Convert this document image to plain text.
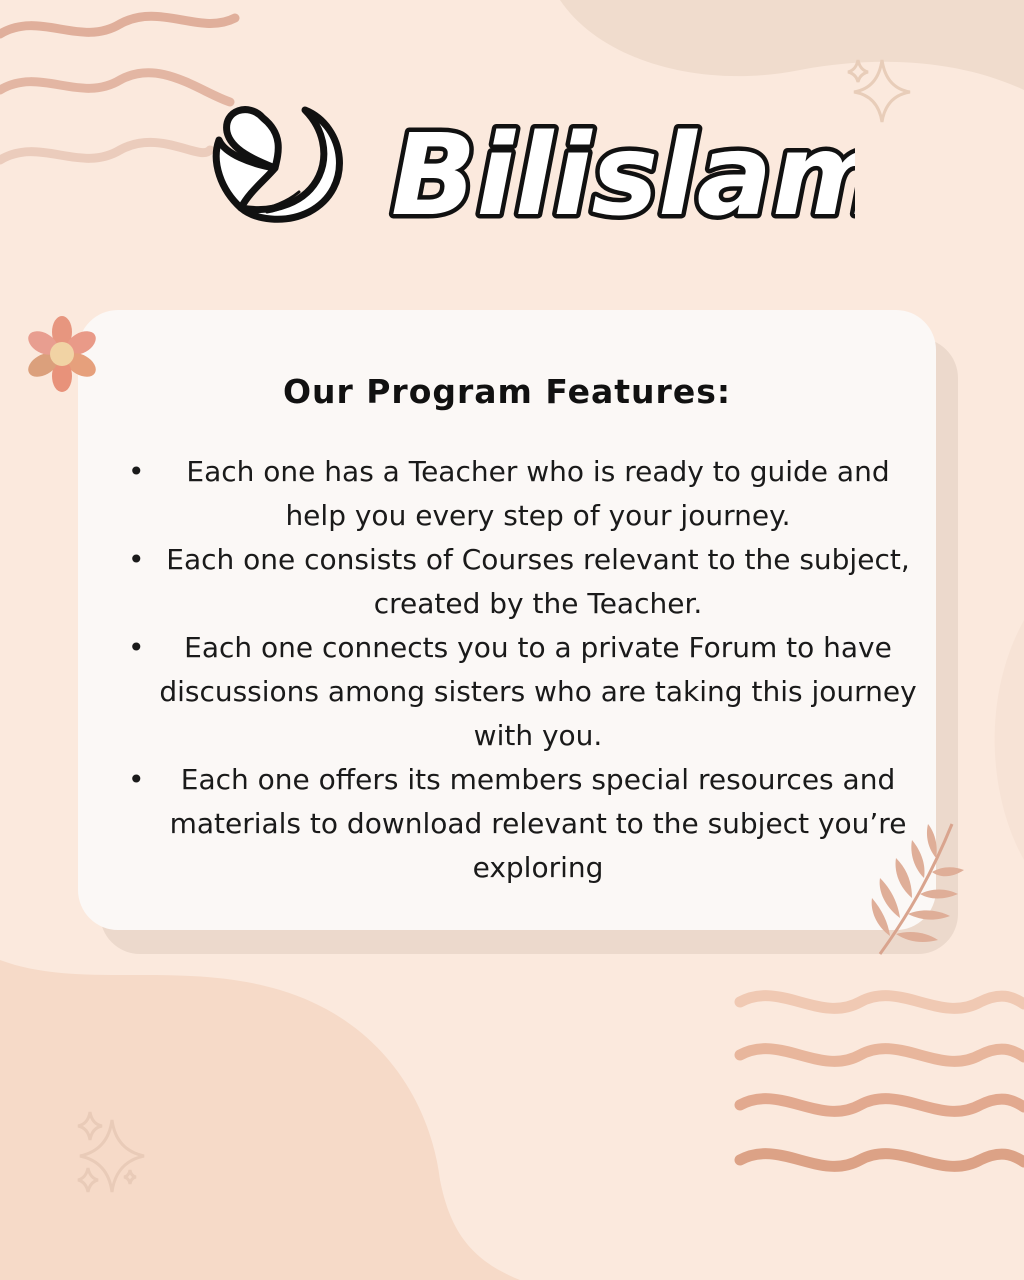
Our Program Features:
• Each one has a Teacher who is ready to guide and help you every step of your journey.
• Each one consists of Courses relevant to the subject, created by the Teacher.
• Each one connects you to a private Forum to have discussions among sisters who are taking this journey with you.
• Each one offers its members special resources and materials to download relevant to the subject you’re exploring
Bilislam
